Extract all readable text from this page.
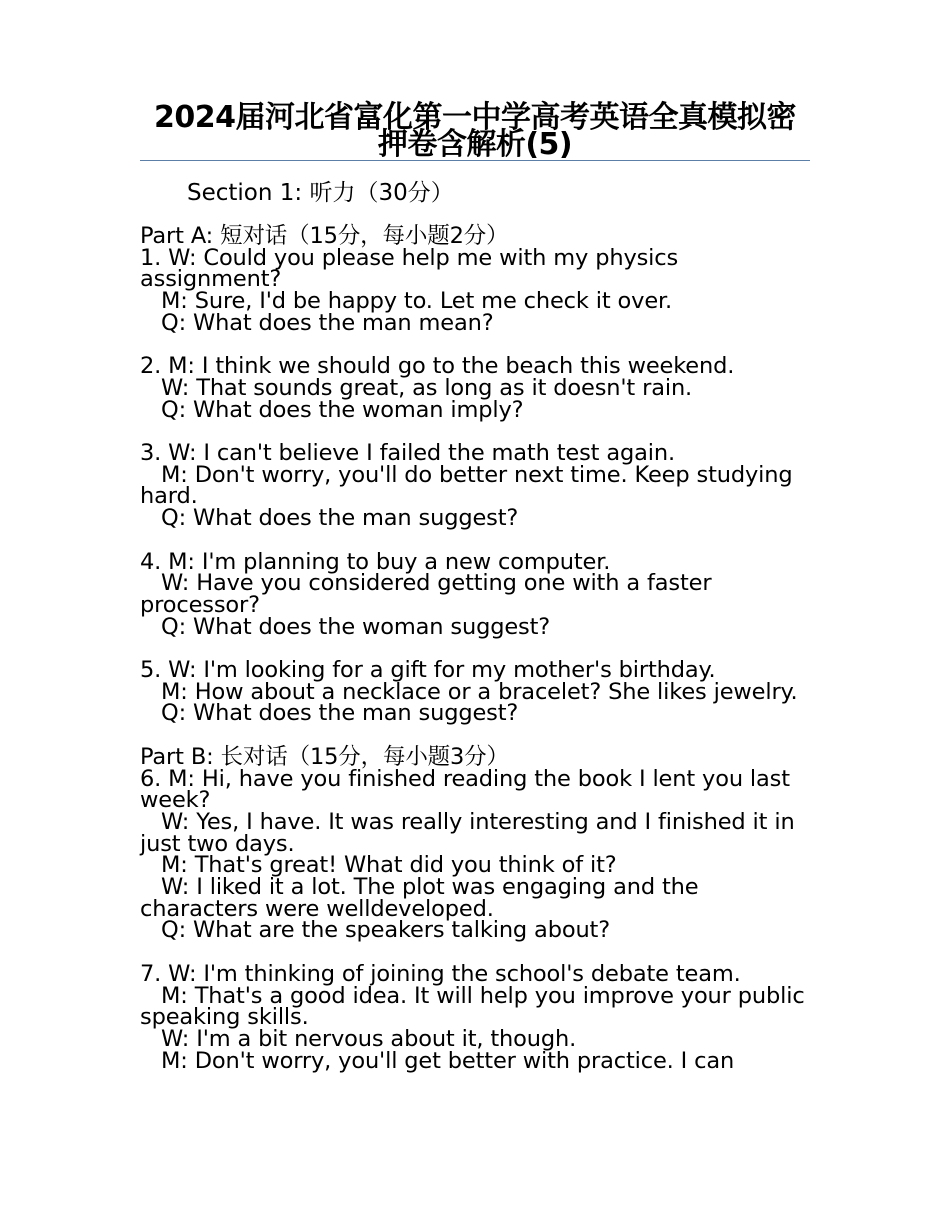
2024届河北省富化第一中学高考英语全真模拟密押卷含解析(5)
Section 1: 听力（30分）
Part A: 短对话（15分，每小题2分）
1. W: Could you please help me with my physics assignment?
M: Sure, I'd be happy to. Let me check it over.
Q: What does the man mean?
2. M: I think we should go to the beach this weekend.
W: That sounds great, as long as it doesn't rain.
Q: What does the woman imply?
3. W: I can't believe I failed the math test again.
M: Don't worry, you'll do better next time. Keep studying hard.
Q: What does the man suggest?
4. M: I'm planning to buy a new computer.
W: Have you considered getting one with a faster processor?
Q: What does the woman suggest?
5. W: I'm looking for a gift for my mother's birthday.
M: How about a necklace or a bracelet? She likes jewelry.
Q: What does the man suggest?
Part B: 长对话（15分，每小题3分）
6. M: Hi, have you finished reading the book I lent you last week?
W: Yes, I have. It was really interesting and I finished it in just two days.
M: That's great! What did you think of it?
W: I liked it a lot. The plot was engaging and the characters were welldeveloped.
Q: What are the speakers talking about?
7. W: I'm thinking of joining the school's debate team.
M: That's a good idea. It will help you improve your public speaking skills.
W: I'm a bit nervous about it, though.
M: Don't worry, you'll get better with practice. I can
